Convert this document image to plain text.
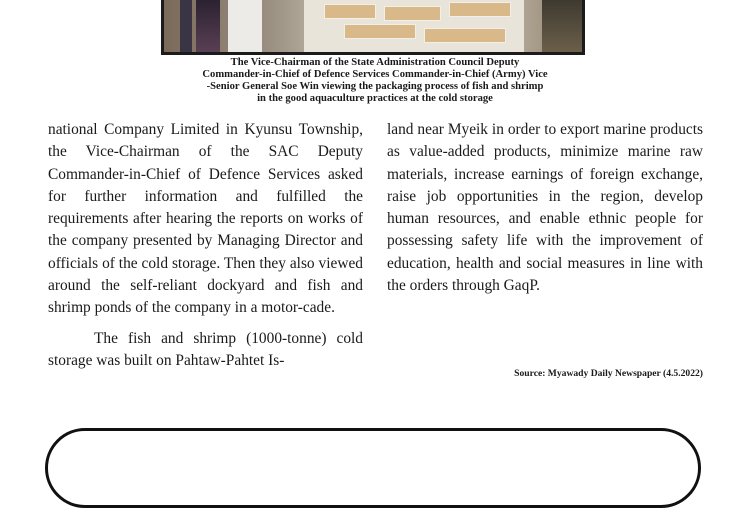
The Vice-Chairman of the State Administration Council Deputy
Commander-in-Chief of Defence Services Commander-in-Chief (Army) Vice
-Senior General Soe Win viewing the packaging process of fish and shrimp
in the good aquaculture practices at the cold storage

national Company Limited in Kyunsu Township, the Vice-Chairman of the SAC Deputy Commander-in-Chief of Defence Services asked for further information and fulfilled the requirements after hearing the reports on works of the company presented by Managing Director and officials of the cold storage. Then they also viewed around the self-reliant dockyard and fish and shrimp ponds of the company in a motor-cade.

The fish and shrimp (1000-tonne) cold storage was built on Pahtaw-Pahtet Is-

land near Myeik in order to export marine products as value-added products, minimize marine raw materials, increase earnings of foreign exchange, raise job opportunities in the region, develop human resources, and enable ethnic people for possessing safety life with the improvement of education, health and social measures in line with the orders through GaqP.

Source: Myawady Daily Newspaper (4.5.2022)
